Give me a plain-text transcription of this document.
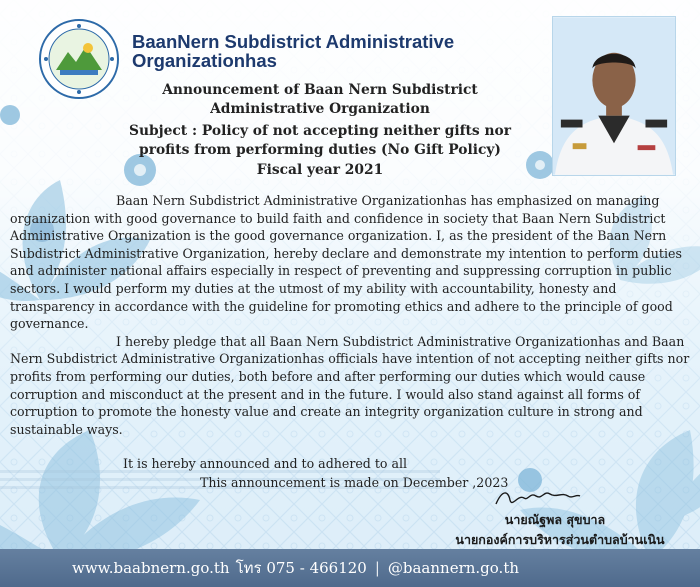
BaanNern Subdistrict Administrative Organizationhas
Announcement of Baan Nern Subdistrict
Administrative Organization
Subject : Policy of not accepting neither gifts nor
profits from performing duties (No Gift Policy)
Fiscal year 2021

Baan Nern Subdistrict Administrative Organizationhas has emphasized on managing organization with good governance to build faith and confidence in society that Baan Nern Subdistrict Administrative Organization is the good governance organization. I, as the president of the Baan Nern Subdistrict Administrative Organization, hereby declare and demonstrate my intention to perform duties and administer national affairs especially in respect of preventing and suppressing corruption in public sectors. I would perform my duties at the utmost of my ability with accountability, honesty and transparency in accordance with the guideline for promoting ethics and adhere to the principle of good governance.

I hereby pledge that all Baan Nern Subdistrict Administrative Organizationhas and Baan Nern Subdistrict Administrative Organizationhas officials have intention of not accepting neither gifts nor profits from performing our duties, both before and after performing our duties which would cause corruption and misconduct at the present and in the future. I would also stand against all forms of corruption to promote the honesty value and create an integrity organization culture in strong and sustainable ways.

It is hereby announced and to adhered to all
This announcement is made on December ,2023
นายณัฐพล สุขบาล
นายกองค์การบริหารส่วนตำบลบ้านเนิน
www.baabnern.go.th โทร 075 - 466120 | @baannern.go.th
